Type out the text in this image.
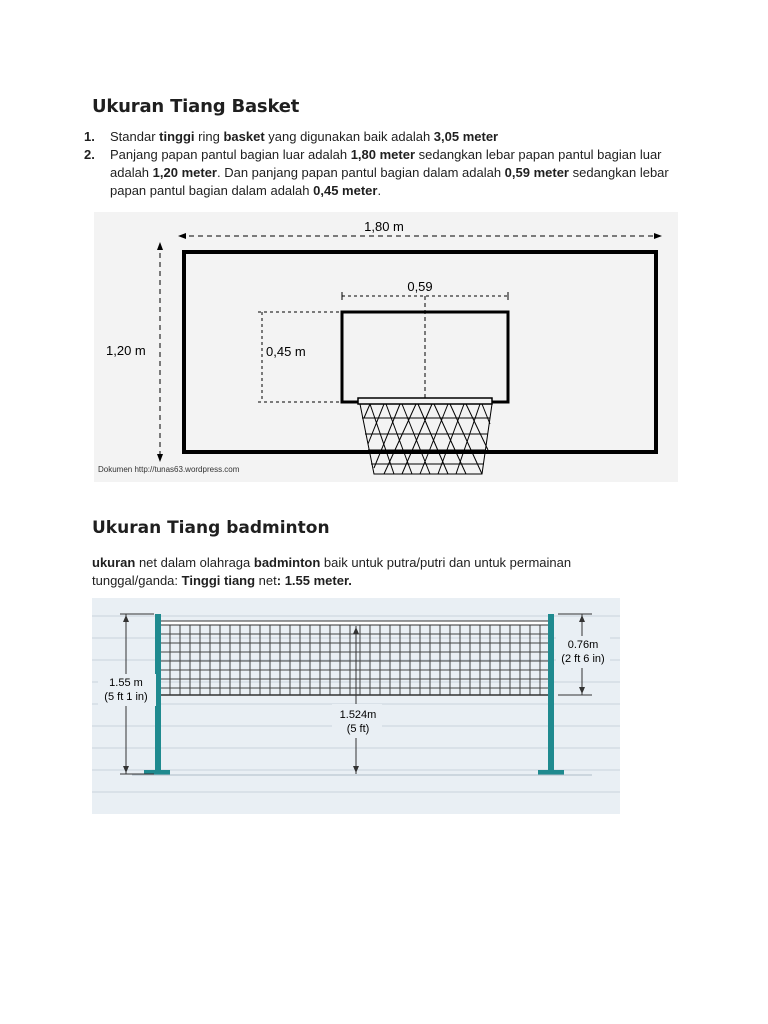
Ukuran Tiang Basket
1. Standar tinggi ring basket yang digunakan baik adalah 3,05 meter
2. Panjang papan pantul bagian luar adalah 1,80 meter sedangkan lebar papan pantul bagian luar adalah 1,20 meter. Dan panjang papan pantul bagian dalam adalah 0,59 meter sedangkan lebar papan pantul bagian dalam adalah 0,45 meter.
1,80 m
1,20 m
0,59
0,45 m
Dokumen http://tunas63.wordpress.com
Ukuran Tiang badminton
ukuran net dalam olahraga badminton baik untuk putra/putri dan untuk permainan tunggal/ganda: Tinggi tiang net: 1.55 meter.
1.55 m
(5 ft 1 in)
0.76m
(2 ft 6 in)
1.524m
(5 ft)
